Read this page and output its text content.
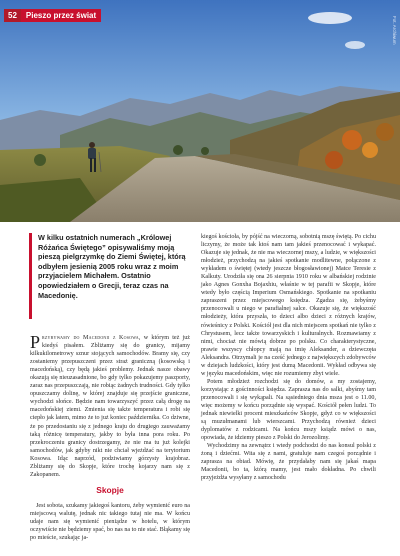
52	Pieszo przez świat
Fot. Archiwum
W kilku ostatnich numerach „Królowej Różańca Świętego” opisywaliśmy moją pieszą pielgrzymkę do Ziemi Świętej, którą odbyłem jesienią 2005 roku wraz z moim przyjacielem Michałem. Ostatnio opowiedziałem o Grecji, teraz czas na Macedonię.

Przybywamy do Macedonii z Kosowa, w którym też już kiedyś pisałem. Zbliżamy się do granicy, mijamy kilkukilometrowy sznur stojących samochodów. Bramy się, czy zostaniemy przepuszczeni przez straż graniczną (kosowską i macedońską), czy będą jakieś problemy. Jednak nasze obawy okazują się nieuzasadnione, bo gdy tylko pokazujemy paszporty, zaraz nas przepuszczają, nie robiąc żadnych trudności. Gdy tylko opuszczamy dolinę, w której znajduje się przejście graniczne, wychodzi słońce. Będzie nam towarzyszyć przez całą drogę na macedońskiej ziemi. Zmienia się także temperatura i robi się ciepło jak latem, mimo że to już koniec października. Co dziwne, że po przedostaniu się z jednego kraju do drugiego zauważamy taką różnicę temperatury, jakby to była inna pora roku. Po przekroczeniu granicy dostrzegamy, że nie ma tu już kolejki samochodów, jak gdyby nikt nie chciał wjeżdżać na terytorium Kosowa. Idąc naprzód, podziwiamy górzysty krajobraz. Zbliżamy się do Skopje, które trochę kojarzy nam się z Zakopanem.

Skopje

Jest sobota, szukamy jakiegoś kantoru, żeby wymienić euro na miejscową walutę, jednak nic takiego tutaj nie ma. W końcu udaje nam się wymienić pieniądze w hotelu, w którym oczywiście nie będziemy spać, bo nas na to nie stać. Błąkamy się po mieście, szukając ja-

kiegoś kościoła, by pójść na wieczorną, sobotnią mszę świętą. Po cichu liczymy, że może tak ktoś nam tam jakieś przenocować i wykapać. Okazuje się jednak, że nie ma wieczornej mszy, a ludzie, w większości młodzież, przychodzą na jakieś spotkanie modlitewne, połączone z wykładem o świętej (wtedy jeszcze błogosławionej) Matce Teresie z Kalkuty. Urodziła się ona 26 sierpnia 1910 roku w albańskiej rodzinie jako Agnes Gonxha Bojaxhiu, właśnie w tej parafii w Skopje, które wtedy było częścią Imperium Osmańskiego. Spotkanie na spotkaniu zapraszeni przez miejscowego księdza. Zgadza się, żebyśmy przenocowali u niego w parafialnej salce. Okazuje się, że większość młodzieży, która przyszła, to dzieci albo dzieci z różnych krajów, rówieśnicy z Polski. Kościół jest dla nich miejscem spotkań nie tylko z Chrystusem, lecz także towarzyskich i kulturalnych. Rozmawiamy z nimi, chociaż nie mówią dobrze po polsku. Co charakterystyczne, prawie wszyscy chłopcy mają na imię Aleksander, a dziewczęta Aleksandra. Otrzymali je na cześć jednego z największych zdobywców w dziejach ludzkości, który jest dumą Macedonii. Wykład odbywa się w języku macedońskim, więc nie rozumiemy zbyt wiele.

Potem młodzież rozchodzi się do domów, a my zostajemy, korzystając z gościnności księdza. Zaprasza nas do salki, abyśmy tam przenocowali i się wykąpali. Na sąsiedniego dnia msza jest o 11.00, więc możemy w końcu porządnie się wyspać. Kościół pełen ludzi. To jednak niewielki procent mieszkańców Skopje, gdyż co w większości są muzułmanami lub wierszcami. Przychodzą również dzieci dyplomatów z rodzicami. Na końcu mszy ksiądz mówi o nas, opowiada, że idziemy pieszo z Polski do Jerozolimy.

Wychodzimy na zewnątrz i wtedy podchodzi do nas konsul polski z żoną i dziećmi. Wita się z nami, gratuluje nam czegoś porządnie i zaprasza na obiad. Mówię, że przydałaby nam się jakaś mapa Macedonii, bo ta, którą mamy, jest mało dokładna. Po chwili przyjeżdża wysyłany z samochodu
